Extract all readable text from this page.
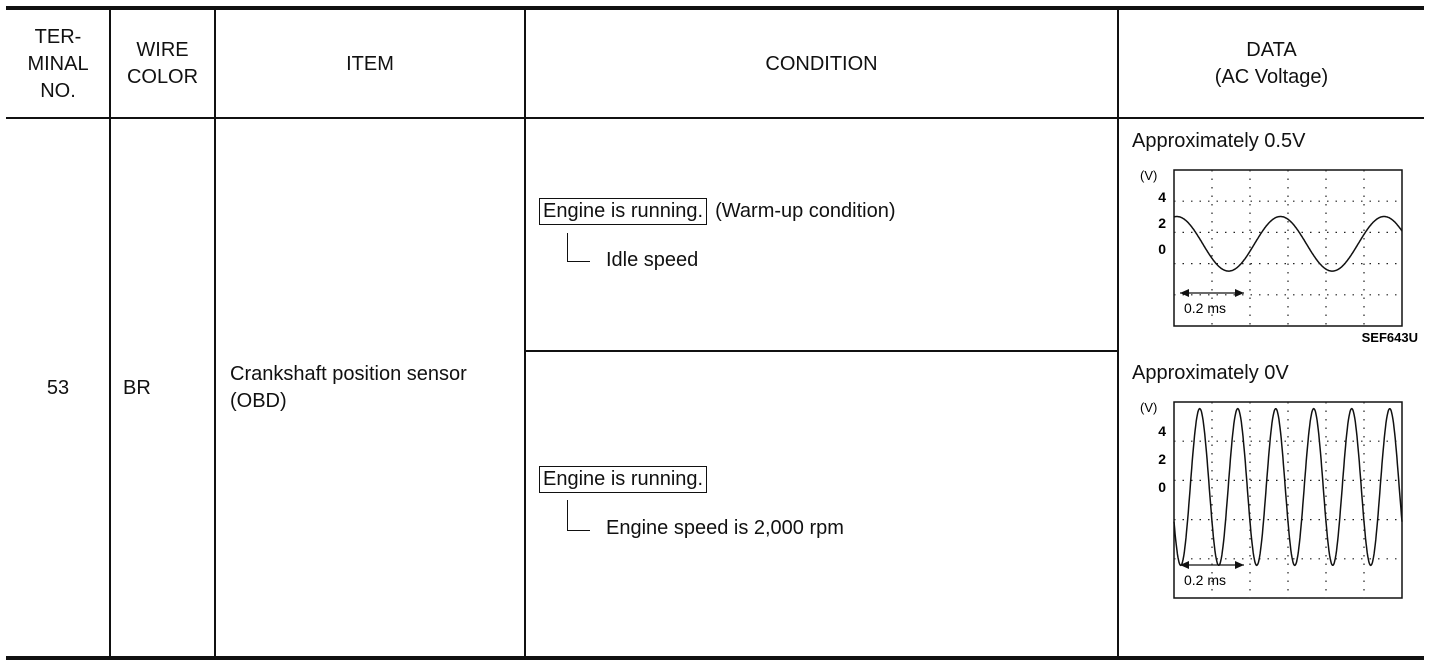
TER-
MINAL
NO.
WIRE
COLOR
ITEM	CONDITION
DATA
(AC Voltage)
53	BR
Crankshaft position sensor
(OBD)
Engine is running. (Warm-up condition)
Idle speed
Engine is running.
Engine speed is 2,000 rpm
Approximately 0.5V
(V)
4
2
0
0.2 ms
SEF643U
Approximately 0V
(V)
4
2
0
0.2 ms
